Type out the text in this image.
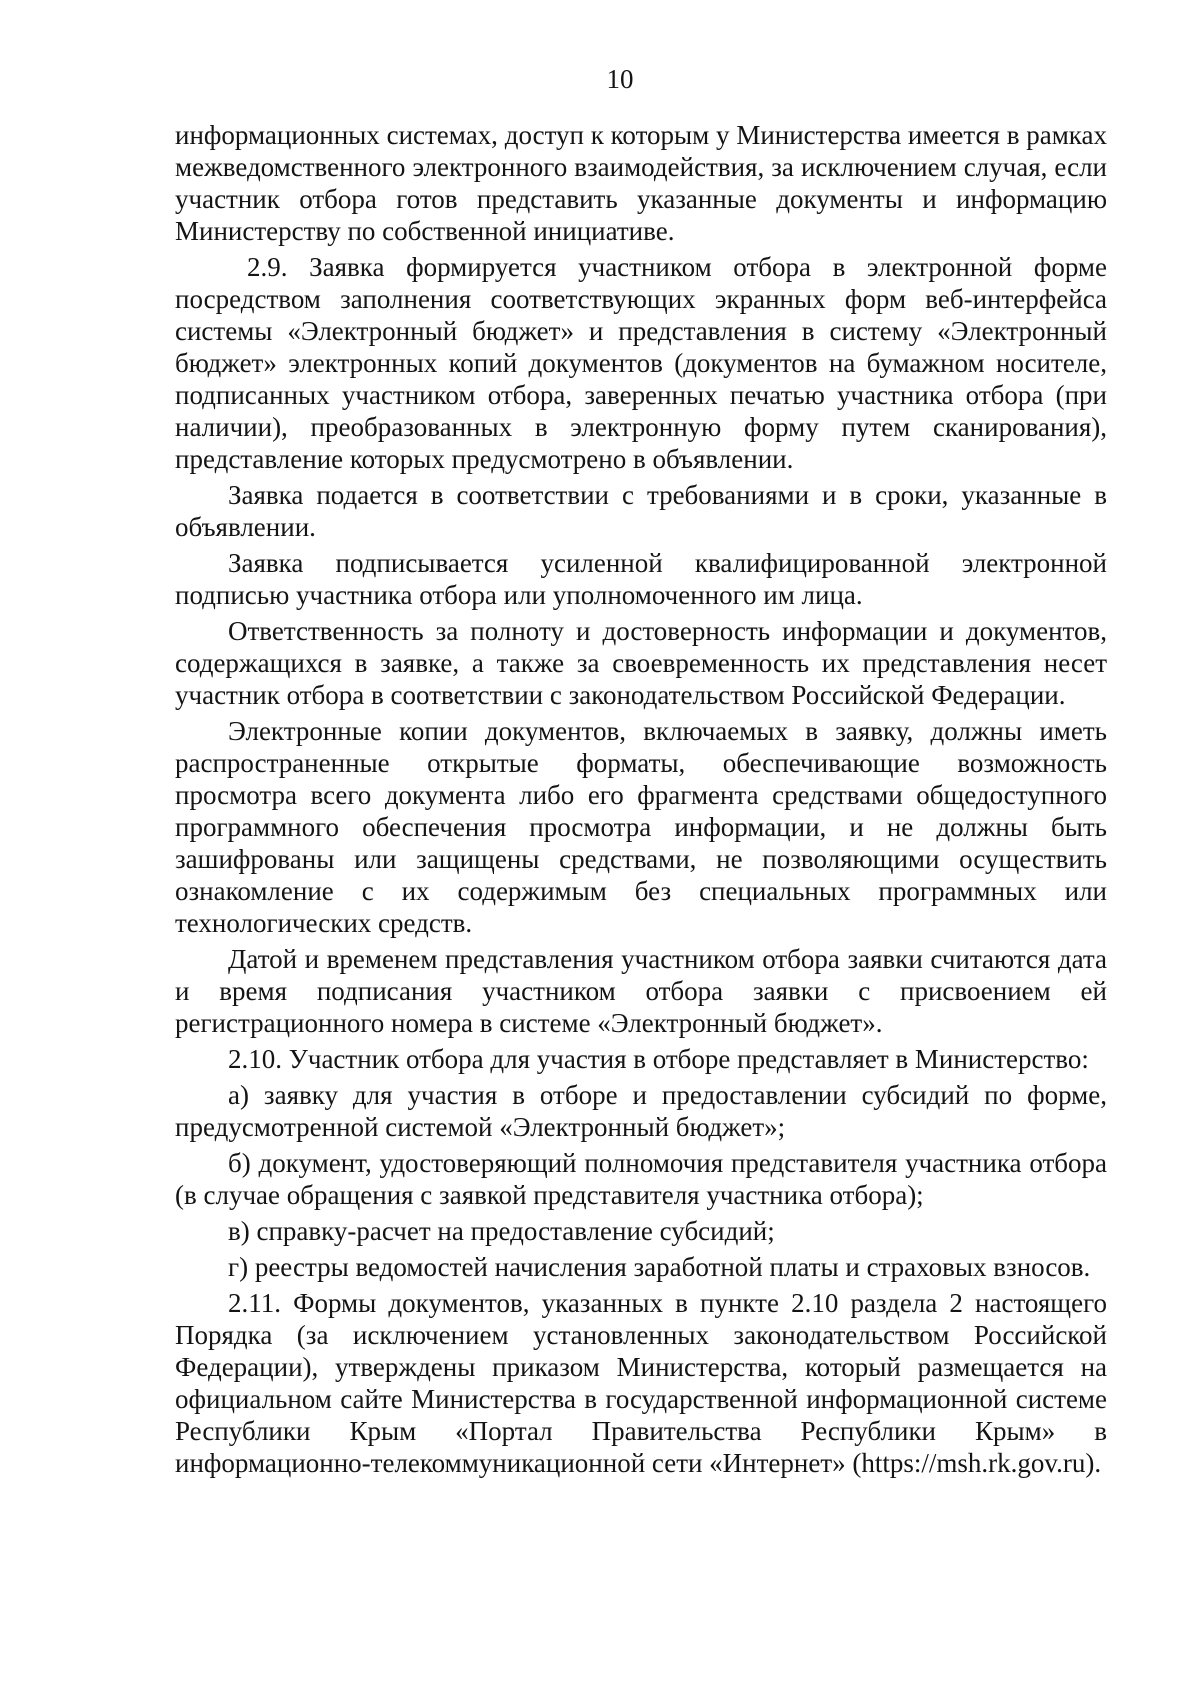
10

информационных системах, доступ к которым у Министерства имеется в рамках межведомственного электронного взаимодействия, за исключением случая, если участник отбора готов представить указанные документы и информацию Министерству по собственной инициативе.

2.9. Заявка формируется участником отбора в электронной форме посредством заполнения соответствующих экранных форм веб-интерфейса системы «Электронный бюджет» и представления в систему «Электронный бюджет» электронных копий документов (документов на бумажном носителе, подписанных участником отбора, заверенных печатью участника отбора (при наличии), преобразованных в электронную форму путем сканирования), представление которых предусмотрено в объявлении.

Заявка подается в соответствии с требованиями и в сроки, указанные в объявлении.

Заявка подписывается усиленной квалифицированной электронной подписью участника отбора или уполномоченного им лица.

Ответственность за полноту и достоверность информации и документов, содержащихся в заявке, а также за своевременность их представления несет участник отбора в соответствии с законодательством Российской Федерации.

Электронные копии документов, включаемых в заявку, должны иметь распространенные открытые форматы, обеспечивающие возможность просмотра всего документа либо его фрагмента средствами общедоступного программного обеспечения просмотра информации, и не должны быть зашифрованы или защищены средствами, не позволяющими осуществить ознакомление с их содержимым без специальных программных или технологических средств.

Датой и временем представления участником отбора заявки считаются дата и время подписания участником отбора заявки с присвоением ей регистрационного номера в системе «Электронный бюджет».

2.10. Участник отбора для участия в отборе представляет в Министерство:

а) заявку для участия в отборе и предоставлении субсидий по форме, предусмотренной системой «Электронный бюджет»;

б) документ, удостоверяющий полномочия представителя участника отбора (в случае обращения с заявкой представителя участника отбора);

в) справку-расчет на предоставление субсидий;

г) реестры ведомостей начисления заработной платы и страховых взносов.

2.11. Формы документов, указанных в пункте 2.10 раздела 2 настоящего Порядка (за исключением установленных законодательством Российской Федерации), утверждены приказом Министерства, который размещается на официальном сайте Министерства в государственной информационной системе Республики Крым «Портал Правительства Республики Крым» в информационно-телекоммуникационной сети «Интернет» (https://msh.rk.gov.ru).
